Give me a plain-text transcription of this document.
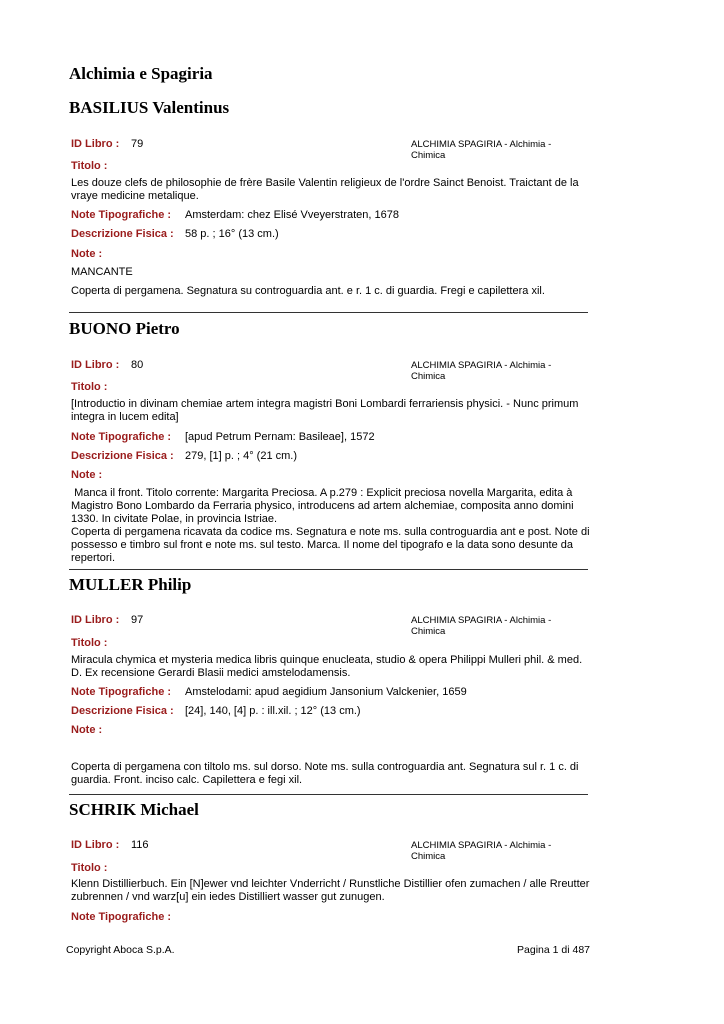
Alchimia e Spagiria
BASILIUS Valentinus
ID Libro : 79	ALCHIMIA SPAGIRIA - Alchimia - Chimica
Titolo :
Les douze clefs de philosophie de frère Basile Valentin religieux de l'ordre Sainct Benoist. Traictant de la vraye medicine metalique.
Note Tipografiche : Amsterdam: chez Elisé Vveyerstraten, 1678
Descrizione Fisica : 58 p. ; 16° (13 cm.)
Note :
MANCANTE
Coperta di pergamena. Segnatura su controguardia ant. e r. 1 c. di guardia. Fregi e capilettera xil.
BUONO Pietro
ID Libro : 80	ALCHIMIA SPAGIRIA - Alchimia - Chimica
Titolo :
[Introductio in divinam chemiae artem integra magistri Boni Lombardi ferrariensis physici. - Nunc primum integra in lucem edita]
Note Tipografiche : [apud Petrum Pernam: Basileae], 1572
Descrizione Fisica : 279, [1] p. ; 4° (21 cm.)
Note :
Manca il front. Titolo corrente: Margarita Preciosa. A p.279 : Explicit preciosa novella Margarita, edita à Magistro Bono Lombardo da Ferraria physico, introducens ad artem alchemiae, composita anno domini 1330. In civitate Polae, in provincia Istriae.
Coperta di pergamena ricavata da codice ms. Segnatura e note ms. sulla controguardia ant e post. Note di possesso e timbro sul front e note ms. sul testo. Marca. Il nome del tipografo e la data sono desunte da repertori.
MULLER Philip
ID Libro : 97	ALCHIMIA SPAGIRIA - Alchimia - Chimica
Titolo :
Miracula chymica et mysteria medica libris quinque enucleata, studio & opera Philippi Mulleri phil. & med. D. Ex recensione Gerardi Blasii medici amstelodamensis.
Note Tipografiche : Amstelodami: apud aegidium Jansonium Valckenier, 1659
Descrizione Fisica : [24], 140, [4] p. : ill.xil. ; 12° (13 cm.)
Note :
Coperta di pergamena con tiltolo ms. sul dorso. Note ms. sulla controguardia ant. Segnatura sul r. 1 c. di guardia. Front. inciso calc. Capilettera e fegi xil.
SCHRIK Michael
ID Libro : 116	ALCHIMIA SPAGIRIA - Alchimia - Chimica
Titolo :
Klenn Distillierbuch. Ein [N]ewer vnd leichter Vnderricht / Runstliche Distillier ofen zumachen / alle Rreutter zubrennen / vnd warz[u] ein iedes Distilliert wasser gut zunugen.
Note Tipografiche :
Copyright Aboca S.p.A.	Pagina 1 di 487
